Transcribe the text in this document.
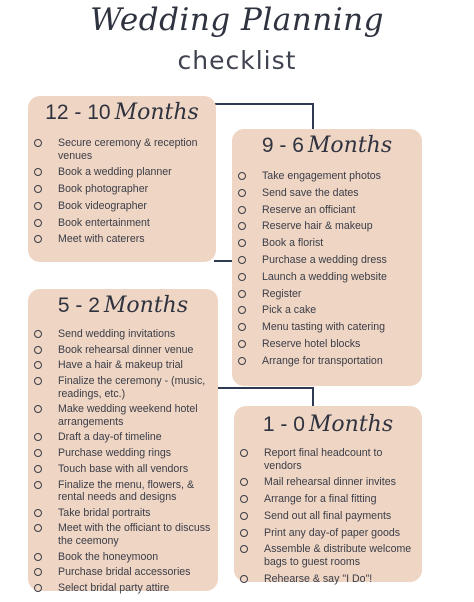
Wedding Planning
checklist
12 - 10 Months
Secure ceremony & reception venues
Book a wedding planner
Book photographer
Book videographer
Book entertainment
Meet with caterers
9 - 6 Months
Take engagement photos
Send save the dates
Reserve an officiant
Reserve hair & makeup
Book a florist
Purchase a wedding dress
Launch a wedding website
Register
Pick a cake
Menu tasting with catering
Reserve hotel blocks
Arrange for transportation
5 - 2 Months
Send wedding invitations
Book rehearsal dinner venue
Have a hair & makeup trial
Finalize the ceremony - (music, readings, etc.)
Make wedding weekend hotel arrangements
Draft a day-of timeline
Purchase wedding rings
Touch base with all vendors
Finalize the menu, flowers, & rental needs and designs
Take bridal portraits
Meet with the officiant to discuss the ceemony
Book the honeymoon
Purchase bridal accessories
Select bridal party attire
1 - 0 Months
Report final headcount to vendors
Mail rehearsal dinner invites
Arrange for a final fitting
Send out all final payments
Print any day-of paper goods
Assemble & distribute welcome bags to guest rooms
Rehearse & say "I Do"!
